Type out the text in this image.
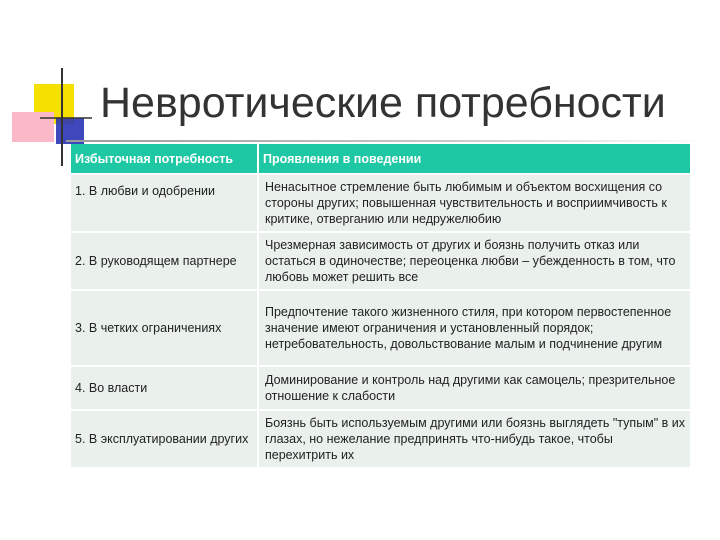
Невротические потребности
Избыточная потребность	Проявления в поведении
1. В любви и одобрении	Ненасытное стремление быть любимым и объектом восхищения со стороны других; повышенная чувствительность и восприимчивость к критике, отверганию или недружелюбию
2. В руководящем партнере	Чрезмерная зависимость от других и боязнь получить отказ или остаться в одиночестве; переоценка любви – убежденность в том, что любовь может решить все
3. В четких ограничениях	Предпочтение такого жизненного стиля, при котором первостепенное значение имеют ограничения и установленный порядок; нетребовательность, довольствование малым и подчинение другим
4. Во власти	Доминирование и контроль над другими как самоцель; презрительное отношение к слабости
5. В эксплуатировании других	Боязнь быть используемым другими или боязнь выглядеть "тупым" в их глазах, но нежелание предпринять что-нибудь такое, чтобы перехитрить их
